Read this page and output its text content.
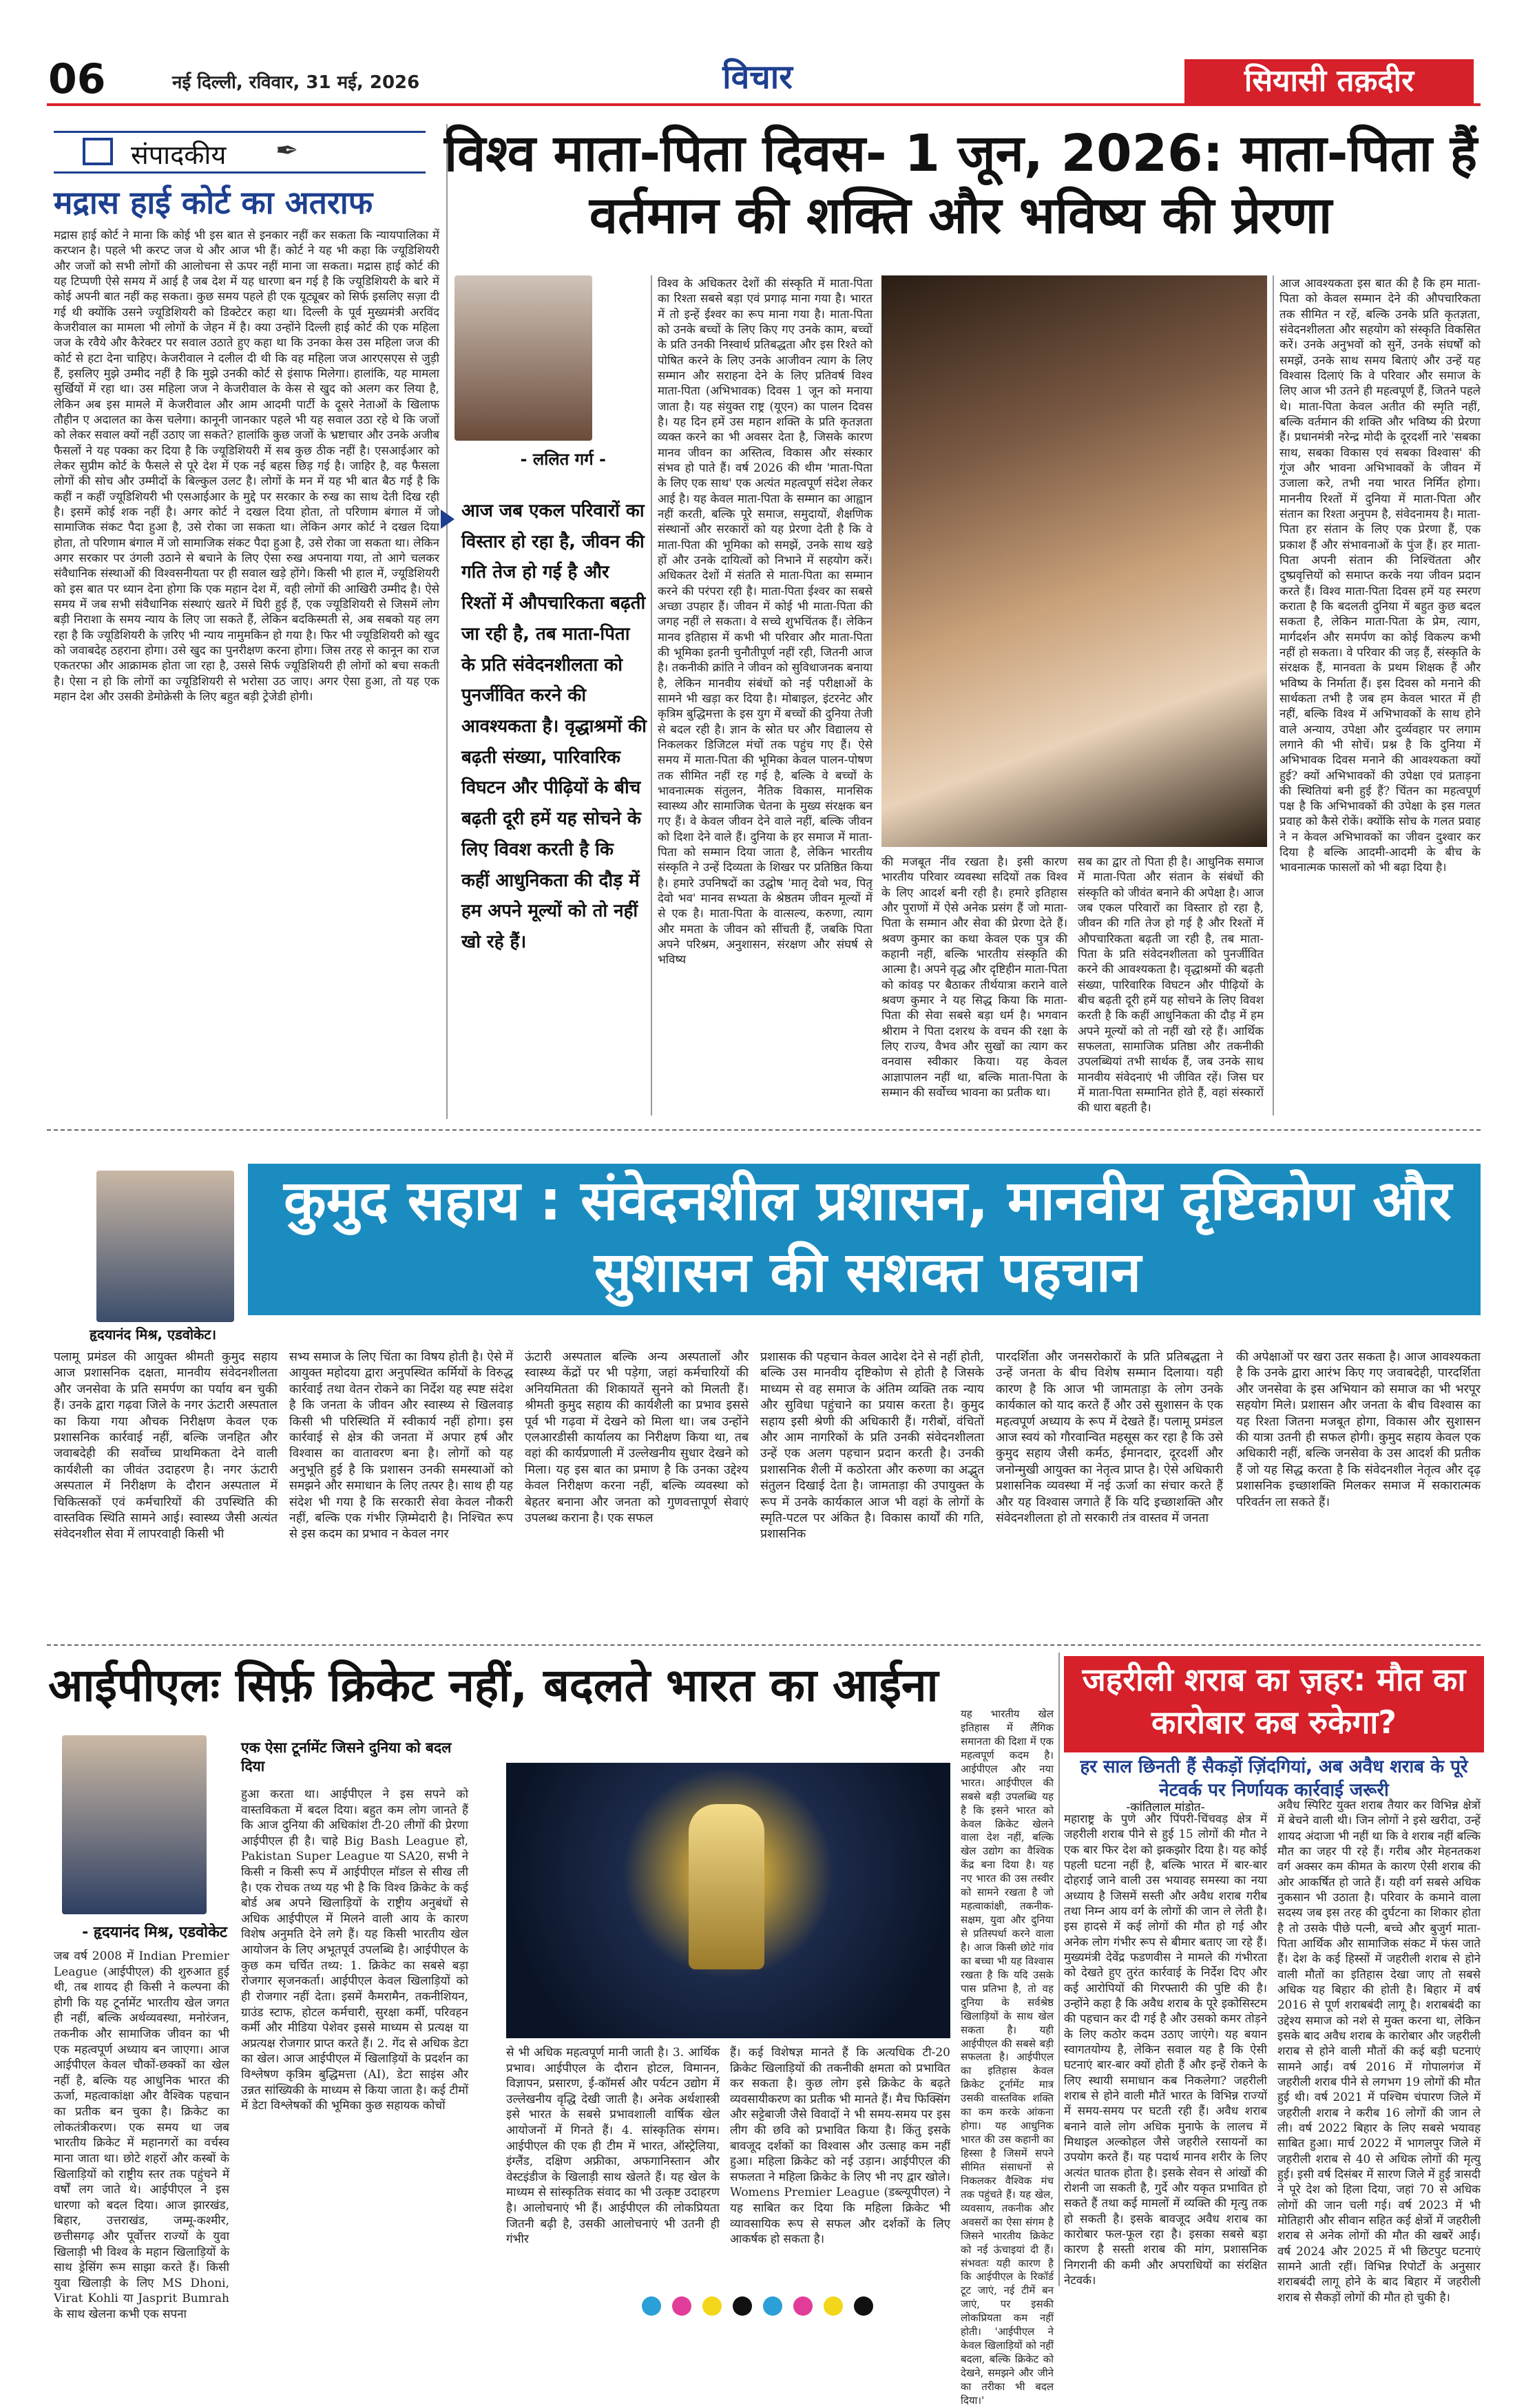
06	नई दिल्ली, रविवार, 31 मई, 2026	विचार	सियासी तक़दीर
संपादकीय ✒
मद्रास हाई कोर्ट का अतराफ
मद्रास हाई कोर्ट ने माना कि कोई भी इस बात से इनकार नहीं कर सकता कि न्यायपालिका में करप्शन है। पहले भी करप्ट जज थे और आज भी हैं। कोर्ट ने यह भी कहा कि ज्यूडिशियरी और जजों को सभी लोगों की आलोचना से ऊपर नहीं माना जा सकता। मद्रास हाई कोर्ट की यह टिप्पणी ऐसे समय में आई है जब देश में यह धारणा बन गई है कि ज्यूडिशियरी के बारे में कोई अपनी बात नहीं कह सकता। कुछ समय पहले ही एक यूट्यूबर को सिर्फ इसलिए सज़ा दी गई थी क्योंकि उसने ज्यूडिशियरी को डिक्टेटर कहा था। दिल्ली के पूर्व मुख्यमंत्री अरविंद केजरीवाल का मामला भी लोगों के जेहन में है। क्या उन्होंने दिल्ली हाई कोर्ट की एक महिला जज के रवैये और कैरेक्टर पर सवाल उठाते हुए कहा था कि उनका केस उस महिला जज की कोर्ट से हटा देना चाहिए। केजरीवाल ने दलील दी थी कि वह महिला जज आरएसएस से जुड़ी हैं, इसलिए मुझे उम्मीद नहीं है कि मुझे उनकी कोर्ट से इंसाफ मिलेगा। हालांकि, यह मामला सुर्खियों में रहा था। उस महिला जज ने केजरीवाल के केस से खुद को अलग कर लिया है, लेकिन अब इस मामले में केजरीवाल और आम आदमी पार्टी के दूसरे नेताओं के खिलाफ तौहीन ए अदालत का केस चलेगा। कानूनी जानकार पहले भी यह सवाल उठा रहे थे कि जजों को लेकर सवाल क्यों नहीं उठाए जा सकते? हालांकि कुछ जजों के भ्रष्टाचार और उनके अजीब फैसलों ने यह पक्का कर दिया है कि ज्यूडिशियरी में सब कुछ ठीक नहीं है। एसआईआर को लेकर सुप्रीम कोर्ट के फैसले से पूरे देश में एक नई बहस छिड़ गई है। जाहिर है, वह फैसला लोगों की सोच और उम्मीदों के बिल्कुल उलट है। लोगों के मन में यह भी बात बैठ गई है कि कहीं न कहीं ज्यूडिशियरी भी एसआईआर के मुद्दे पर सरकार के रुख का साथ देती दिख रही है। इसमें कोई शक नहीं है। अगर कोर्ट ने दखल दिया होता, तो परिणाम बंगाल में जो सामाजिक संकट पैदा हुआ है, उसे रोका जा सकता था। लेकिन अगर कोर्ट ने दखल दिया होता, तो परिणाम बंगाल में जो सामाजिक संकट पैदा हुआ है, उसे रोका जा सकता था। लेकिन अगर सरकार पर उंगली उठाने से बचाने के लिए ऐसा रुख अपनाया गया, तो आगे चलकर संवैधानिक संस्थाओं की विश्वसनीयता पर ही सवाल खड़े होंगे। किसी भी हाल में, ज्यूडिशियरी को इस बात पर ध्यान देना होगा कि एक महान देश में, वही लोगों की आखिरी उम्मीद है। ऐसे समय में जब सभी संवैधानिक संस्थाएं खतरे में घिरी हुई हैं, एक ज्यूडिशियरी से जिसमें लोग बड़ी निराशा के समय न्याय के लिए जा सकते हैं, लेकिन बदकिस्मती से, अब सबको यह लग रहा है कि ज्यूडिशियरी के ज़रिए भी न्याय नामुमकिन हो गया है। फिर भी ज्यूडिशियरी को खुद को जवाबदेह ठहराना होगा। उसे खुद का पुनरीक्षण करना होगा। जिस तरह से कानून का राज एकतरफा और आक्रामक होता जा रहा है, उससे सिर्फ ज्यूडिशियरी ही लोगों को बचा सकती है। ऐसा न हो कि लोगों का ज्यूडिशियरी से भरोसा उठ जाए। अगर ऐसा हुआ, तो यह एक महान देश और उसकी डेमोक्रेसी के लिए बहुत बड़ी ट्रेजेडी होगी।
विश्व माता-पिता दिवस- 1 जून, 2026: माता-पिता हैं वर्तमान की शक्ति और भविष्य की प्रेरणा
- ललित गर्ग -
आज जब एकल परिवारों का विस्तार हो रहा है, जीवन की गति तेज हो गई है और रिश्तों में औपचारिकता बढ़ती जा रही है, तब माता-पिता के प्रति संवेदनशीलता को पुनर्जीवित करने की आवश्यकता है। वृद्धाश्रमों की बढ़ती संख्या, पारिवारिक विघटन और पीढ़ियों के बीच बढ़ती दूरी हमें यह सोचने के लिए विवश करती है कि कहीं आधुनिकता की दौड़ में हम अपने मूल्यों को तो नहीं खो रहे हैं।
विश्व के अधिकतर देशों की संस्कृति में माता-पिता का रिश्ता सबसे बड़ा एवं प्रगाढ़ माना गया है। भारत में तो इन्हें ईश्वर का रूप माना गया है। माता-पिता को उनके बच्चों के लिए किए गए उनके काम, बच्चों के प्रति उनकी निस्वार्थ प्रतिबद्धता और इस रिश्ते को पोषित करने के लिए उनके आजीवन त्याग के लिए सम्मान और सराहना देने के लिए प्रतिवर्ष विश्व माता-पिता (अभिभावक) दिवस 1 जून को मनाया जाता है। यह संयुक्त राष्ट्र (यूएन) का पालन दिवस है। यह दिन हमें उस महान शक्ति के प्रति कृतज्ञता व्यक्त करने का भी अवसर देता है, जिसके कारण मानव जीवन का अस्तित्व, विकास और संस्कार संभव हो पाते हैं। वर्ष 2026 की थीम 'माता-पिता के लिए एक साथ' एक अत्यंत महत्वपूर्ण संदेश लेकर आई है। यह केवल माता-पिता के सम्मान का आह्वान नहीं करती, बल्कि पूरे समाज, समुदायों, शैक्षणिक संस्थानों और सरकारों को यह प्रेरणा देती है कि वे माता-पिता की भूमिका को समझें, उनके साथ खड़े हों और उनके दायित्वों को निभाने में सहयोग करें। अधिकतर देशों में संतति से माता-पिता का सम्मान करने की परंपरा रही है। माता-पिता ईश्वर का सबसे अच्छा उपहार हैं। जीवन में कोई भी माता-पिता की जगह नहीं ले सकता। वे सच्चे शुभचिंतक हैं। लेकिन मानव इतिहास में कभी भी परिवार और माता-पिता की भूमिका इतनी चुनौतीपूर्ण नहीं रही, जितनी आज है। तकनीकी क्रांति ने जीवन को सुविधाजनक बनाया है, लेकिन मानवीय संबंधों को नई परीक्षाओं के सामने भी खड़ा कर दिया है। मोबाइल, इंटरनेट और कृत्रिम बुद्धिमत्ता के इस युग में बच्चों की दुनिया तेजी से बदल रही है। ज्ञान के स्रोत घर और विद्यालय से निकलकर डिजिटल मंचों तक पहुंच गए हैं। ऐसे समय में माता-पिता की भूमिका केवल पालन-पोषण तक सीमित नहीं रह गई है, बल्कि वे बच्चों के भावनात्मक संतुलन, नैतिक विकास, मानसिक स्वास्थ्य और सामाजिक चेतना के मुख्य संरक्षक बन गए हैं। वे केवल जीवन देने वाले नहीं, बल्कि जीवन को दिशा देने वाले हैं। दुनिया के हर समाज में माता-पिता को सम्मान दिया जाता है, लेकिन भारतीय संस्कृति ने उन्हें दिव्यता के शिखर पर प्रतिष्ठित किया है। हमारे उपनिषदों का उद्घोष 'मातृ देवो भव, पितृ देवो भव' मानव सभ्यता के श्रेष्ठतम जीवन मूल्यों में से एक है। माता-पिता के वात्सल्य, करुणा, त्याग और ममता के जीवन को सींचती हैं, जबकि पिता अपने परिश्रम, अनुशासन, संरक्षण और संघर्ष से भविष्य
की मजबूत नींव रखता है। इसी कारण भारतीय परिवार व्यवस्था सदियों तक विश्व के लिए आदर्श बनी रही है। हमारे इतिहास और पुराणों में ऐसे अनेक प्रसंग हैं जो माता-पिता के सम्मान और सेवा की प्रेरणा देते हैं। श्रवण कुमार का कथा केवल एक पुत्र की कहानी नहीं, बल्कि भारतीय संस्कृति की आत्मा है। अपने वृद्ध और दृष्टिहीन माता-पिता को कांवड़ पर बैठाकर तीर्थयात्रा कराने वाले श्रवण कुमार ने यह सिद्ध किया कि माता-पिता की सेवा सबसे बड़ा धर्म है। भगवान श्रीराम ने पिता दशरथ के वचन की रक्षा के लिए राज्य, वैभव और सुखों का त्याग कर वनवास स्वीकार किया। यह केवल आज्ञापालन नहीं था, बल्कि माता-पिता के सम्मान की सर्वोच्च भावना का प्रतीक था।
सब का द्वार तो पिता ही है। आधुनिक समाज में माता-पिता और संतान के संबंधों की संस्कृति को जीवंत बनाने की अपेक्षा है। आज जब एकल परिवारों का विस्तार हो रहा है, जीवन की गति तेज हो गई है और रिश्तों में औपचारिकता बढ़ती जा रही है, तब माता-पिता के प्रति संवेदनशीलता को पुनर्जीवित करने की आवश्यकता है। वृद्धाश्रमों की बढ़ती संख्या, पारिवारिक विघटन और पीढ़ियों के बीच बढ़ती दूरी हमें यह सोचने के लिए विवश करती है कि कहीं आधुनिकता की दौड़ में हम अपने मूल्यों को तो नहीं खो रहे हैं। आर्थिक सफलता, सामाजिक प्रतिष्ठा और तकनीकी उपलब्धियां तभी सार्थक हैं, जब उनके साथ मानवीय संवेदनाएं भी जीवित रहें। जिस घर में माता-पिता सम्मानित होते हैं, वहां संस्कारों की धारा बहती है।
आज आवश्यकता इस बात की है कि हम माता-पिता को केवल सम्मान देने की औपचारिकता तक सीमित न रहें, बल्कि उनके प्रति कृतज्ञता, संवेदनशीलता और सहयोग को संस्कृति विकसित करें। उनके अनुभवों को सुनें, उनके संघर्षों को समझें, उनके साथ समय बिताएं और उन्हें यह विश्वास दिलाएं कि वे परिवार और समाज के लिए आज भी उतने ही महत्वपूर्ण हैं, जितने पहले थे। माता-पिता केवल अतीत की स्मृति नहीं, बल्कि वर्तमान की शक्ति और भविष्य की प्रेरणा हैं। प्रधानमंत्री नरेन्द्र मोदी के दूरदर्शी नारे 'सबका साथ, सबका विकास एवं सबका विश्वास' की गूंज और भावना अभिभावकों के जीवन में उजाला करे, तभी नया भारत निर्मित होगा। माननीय रिश्तों में दुनिया में माता-पिता और संतान का रिश्ता अनुपम है, संवेदनामय है। माता-पिता हर संतान के लिए एक प्रेरणा हैं, एक प्रकाश हैं और संभावनाओं के पुंज हैं। हर माता-पिता अपनी संतान की निश्चिंतता और दुष्प्रवृत्तियों को समाप्त करके नया जीवन प्रदान करते हैं। विश्व माता-पिता दिवस हमें यह स्मरण कराता है कि बदलती दुनिया में बहुत कुछ बदल सकता है, लेकिन माता-पिता के प्रेम, त्याग, मार्गदर्शन और समर्पण का कोई विकल्प कभी नहीं हो सकता। वे परिवार की जड़ हैं, संस्कृति के संरक्षक हैं, मानवता के प्रथम शिक्षक हैं और भविष्य के निर्माता हैं। इस दिवस को मनाने की सार्थकता तभी है जब हम केवल भारत में ही नहीं, बल्कि विश्व में अभिभावकों के साथ होने वाले अन्याय, उपेक्षा और दुर्व्यवहार पर लगाम लगाने की भी सोचें। प्रश्न है कि दुनिया में अभिभावक दिवस मनाने की आवश्यकता क्यों हुई? क्यों अभिभावकों की उपेक्षा एवं प्रताड़ना की स्थितियां बनी हुई हैं? चिंतन का महत्वपूर्ण पक्ष है कि अभिभावकों की उपेक्षा के इस गलत प्रवाह को कैसे रोकें। क्योंकि सोच के गलत प्रवाह ने न केवल अभिभावकों का जीवन दुश्वार कर दिया है बल्कि आदमी-आदमी के बीच के भावनात्मक फासलों को भी बढ़ा दिया है।
हृदयानंद मिश्र, एडवोकेट।
कुमुद सहाय : संवेदनशील प्रशासन, मानवीय दृष्टिकोण और सुशासन की सशक्त पहचान
पलामू प्रमंडल की आयुक्त श्रीमती कुमुद सहाय आज प्रशासनिक दक्षता, मानवीय संवेदनशीलता और जनसेवा के प्रति समर्पण का पर्याय बन चुकी हैं। उनके द्वारा गढ़वा जिले के नगर ऊंटारी अस्पताल का किया गया औचक निरीक्षण केवल एक प्रशासनिक कार्रवाई नहीं, बल्कि जनहित और जवाबदेही की सर्वोच्च प्राथमिकता देने वाली कार्यशैली का जीवंत उदाहरण है। नगर ऊंटारी अस्पताल में निरीक्षण के दौरान अस्पताल में चिकित्सकों एवं कर्मचारियों की उपस्थिति की वास्तविक स्थिति सामने आई। स्वास्थ्य जैसी अत्यंत संवेदनशील सेवा में लापरवाही किसी भी
सभ्य समाज के लिए चिंता का विषय होती है। ऐसे में आयुक्त महोदया द्वारा अनुपस्थित कर्मियों के विरुद्ध कार्रवाई तथा वेतन रोकने का निर्देश यह स्पष्ट संदेश है कि जनता के जीवन और स्वास्थ्य से खिलवाड़ किसी भी परिस्थिति में स्वीकार्य नहीं होगा। इस कार्रवाई से क्षेत्र की जनता में अपार हर्ष और विश्वास का वातावरण बना है। लोगों को यह अनुभूति हुई है कि प्रशासन उनकी समस्याओं को समझने और समाधान के लिए तत्पर है। साथ ही यह संदेश भी गया है कि सरकारी सेवा केवल नौकरी नहीं, बल्कि एक गंभीर ज़िम्मेदारी है। निश्चित रूप से इस कदम का प्रभाव न केवल नगर
ऊंटारी अस्पताल बल्कि अन्य अस्पतालों और स्वास्थ्य केंद्रों पर भी पड़ेगा, जहां कर्मचारियों की अनियमितता की शिकायतें सुनने को मिलती हैं। श्रीमती कुमुद सहाय की कार्यशैली का प्रभाव इससे पूर्व भी गढ़वा में देखने को मिला था। जब उन्होंने एलआरडीसी कार्यालय का निरीक्षण किया था, तब वहां की कार्यप्रणाली में उल्लेखनीय सुधार देखने को मिला। यह इस बात का प्रमाण है कि उनका उद्देश्य केवल निरीक्षण करना नहीं, बल्कि व्यवस्था को बेहतर बनाना और जनता को गुणवत्तापूर्ण सेवाएं उपलब्ध कराना है। एक सफल
प्रशासक की पहचान केवल आदेश देने से नहीं होती, बल्कि उस मानवीय दृष्टिकोण से होती है जिसके माध्यम से वह समाज के अंतिम व्यक्ति तक न्याय और सुविधा पहुंचाने का प्रयास करता है। कुमुद सहाय इसी श्रेणी की अधिकारी हैं। गरीबों, वंचितों और आम नागरिकों के प्रति उनकी संवेदनशीलता उन्हें एक अलग पहचान प्रदान करती है। उनकी प्रशासनिक शैली में कठोरता और करुणा का अद्भुत संतुलन दिखाई देता है। जामताड़ा की उपायुक्त के रूप में उनके कार्यकाल आज भी वहां के लोगों के स्मृति-पटल पर अंकित है। विकास कार्यों की गति, प्रशासनिक
पारदर्शिता और जनसरोकारों के प्रति प्रतिबद्धता ने उन्हें जनता के बीच विशेष सम्मान दिलाया। यही कारण है कि आज भी जामताड़ा के लोग उनके कार्यकाल को याद करते हैं और उसे सुशासन के एक महत्वपूर्ण अध्याय के रूप में देखते हैं। पलामू प्रमंडल आज स्वयं को गौरवान्वित महसूस कर रहा है कि उसे कुमुद सहाय जैसी कर्मठ, ईमानदार, दूरदर्शी और जनोन्मुखी आयुक्त का नेतृत्व प्राप्त है। ऐसे अधिकारी प्रशासनिक व्यवस्था में नई ऊर्जा का संचार करते हैं और यह विश्वास जगाते हैं कि यदि इच्छाशक्ति और संवेदनशीलता हो तो सरकारी तंत्र वास्तव में जनता
की अपेक्षाओं पर खरा उतर सकता है। आज आवश्यकता है कि उनके द्वारा आरंभ किए गए जवाबदेही, पारदर्शिता और जनसेवा के इस अभियान को समाज का भी भरपूर सहयोग मिले। प्रशासन और जनता के बीच विश्वास का यह रिश्ता जितना मजबूत होगा, विकास और सुशासन की यात्रा उतनी ही सफल होगी। कुमुद सहाय केवल एक अधिकारी नहीं, बल्कि जनसेवा के उस आदर्श की प्रतीक हैं जो यह सिद्ध करता है कि संवेदनशील नेतृत्व और दृढ़ प्रशासनिक इच्छाशक्ति मिलकर समाज में सकारात्मक परिवर्तन ला सकते हैं।
आईपीएलः सिर्फ़ क्रिकेट नहीं, बदलते भारत का आईना
- हृदयानंद मिश्र, एडवोकेट
जब वर्ष 2008 में Indian Premier League (आईपीएल) की शुरुआत हुई थी, तब शायद ही किसी ने कल्पना की होगी कि यह टूर्नामेंट भारतीय खेल जगत ही नहीं, बल्कि अर्थव्यवस्था, मनोरंजन, तकनीक और सामाजिक जीवन का भी एक महत्वपूर्ण अध्याय बन जाएगा। आज आईपीएल केवल चौकों-छक्कों का खेल नहीं है, बल्कि यह आधुनिक भारत की ऊर्जा, महत्वाकांक्षा और वैश्विक पहचान का प्रतीक बन चुका है। क्रिकेट का लोकतंत्रीकरण। एक समय था जब भारतीय क्रिकेट में महानगरों का वर्चस्व माना जाता था। छोटे शहरों और कस्बों के खिलाड़ियों को राष्ट्रीय स्तर तक पहुंचने में वर्षों लग जाते थे। आईपीएल ने इस धारणा को बदल दिया। आज झारखंड, बिहार, उत्तराखंड, जम्मू-कश्मीर, छत्तीसगढ़ और पूर्वोत्तर राज्यों के युवा खिलाड़ी भी विश्व के महान खिलाड़ियों के साथ ड्रेसिंग रूम साझा करते हैं। किसी युवा खिलाड़ी के लिए MS Dhoni, Virat Kohli या Jasprit Bumrah के साथ खेलना कभी एक सपना
एक ऐसा टूर्नामेंट जिसने दुनिया को बदल दिया
हुआ करता था। आईपीएल ने इस सपने को वास्तविकता में बदल दिया। बहुत कम लोग जानते हैं कि आज दुनिया की अधिकांश टी-20 लीगों की प्रेरणा आईपीएल ही है। चाहे Big Bash League हो, Pakistan Super League या SA20, सभी ने किसी न किसी रूप में आईपीएल मॉडल से सीख ली है। एक रोचक तथ्य यह भी है कि विश्व क्रिकेट के कई बोर्ड अब अपने खिलाड़ियों के राष्ट्रीय अनुबंधों से अधिक आईपीएल में मिलने वाली आय के कारण विशेष अनुमति देने लगे हैं। यह किसी भारतीय खेल आयोजन के लिए अभूतपूर्व उपलब्धि है। आईपीएल के कुछ कम चर्चित तथ्य: 1. क्रिकेट का सबसे बड़ा रोजगार सृजनकर्ता। आईपीएल केवल खिलाड़ियों को ही रोजगार नहीं देता। इसमें कैमरामैन, तकनीशियन, ग्राउंड स्टाफ, होटल कर्मचारी, सुरक्षा कर्मी, परिवहन कर्मी और मीडिया पेशेवर इससे माध्यम से प्रत्यक्ष या अप्रत्यक्ष रोजगार प्राप्त करते हैं। 2. गेंद से अधिक डेटा का खेल। आज आईपीएल में खिलाड़ियों के प्रदर्शन का विश्लेषण कृत्रिम बुद्धिमत्ता (AI), डेटा साइंस और उन्नत सांख्यिकी के माध्यम से किया जाता है। कई टीमों में डेटा विश्लेषकों की भूमिका कुछ सहायक कोचों
से भी अधिक महत्वपूर्ण मानी जाती है। 3. आर्थिक प्रभाव। आईपीएल के दौरान होटल, विमानन, विज्ञापन, प्रसारण, ई-कॉमर्स और पर्यटन उद्योग में उल्लेखनीय वृद्धि देखी जाती है। अनेक अर्थशास्त्री इसे भारत के सबसे प्रभावशाली वार्षिक खेल आयोजनों में गिनते हैं। 4. सांस्कृतिक संगम। आईपीएल की एक ही टीम में भारत, ऑस्ट्रेलिया, इंग्लैंड, दक्षिण अफ्रीका, अफगानिस्तान और वेस्टइंडीज के खिलाड़ी साथ खेलते हैं। यह खेल के माध्यम से सांस्कृतिक संवाद का भी उत्कृष्ट उदाहरण है। आलोचनाएं भी हैं। आईपीएल की लोकप्रियता जितनी बढ़ी है, उसकी आलोचनाएं भी उतनी ही गंभीर
हैं। कई विशेषज्ञ मानते हैं कि अत्यधिक टी-20 क्रिकेट खिलाड़ियों की तकनीकी क्षमता को प्रभावित कर सकता है। कुछ लोग इसे क्रिकेट के बढ़ते व्यवसायीकरण का प्रतीक भी मानते हैं। मैच फिक्सिंग और सट्टेबाजी जैसे विवादों ने भी समय-समय पर इस लीग की छवि को प्रभावित किया है। किंतु इसके बावजूद दर्शकों का विश्वास और उत्साह कम नहीं हुआ। महिला क्रिकेट को नई उड़ान। आईपीएल की सफलता ने महिला क्रिकेट के लिए भी नए द्वार खोले। Womens Premier League (डब्ल्यूपीएल) ने यह साबित कर दिया कि महिला क्रिकेट भी व्यावसायिक रूप से सफल और दर्शकों के लिए आकर्षक हो सकता है।
यह भारतीय खेल इतिहास में लैंगिक समानता की दिशा में एक महत्वपूर्ण कदम है। आईपीएल और नया भारत। आईपीएल की सबसे बड़ी उपलब्धि यह है कि इसने भारत को केवल क्रिकेट खेलने वाला देश नहीं, बल्कि खेल उद्योग का वैश्विक केंद्र बना दिया है। यह नए भारत की उस तस्वीर को सामने रखता है जो महत्वाकांक्षी, तकनीक-सक्षम, युवा और दुनिया से प्रतिस्पर्धा करने वाला है। आज किसी छोटे गांव का बच्चा भी यह विश्वास रखता है कि यदि उसके पास प्रतिभा है, तो वह दुनिया के सर्वश्रेष्ठ खिलाड़ियों के साथ खेल सकता है। यही आईपीएल की सबसे बड़ी सफलता है। आईपीएल का इतिहास केवल क्रिकेट टूर्नामेंट मात्र उसकी वास्तविक शक्ति का कम करके आंकना होगा। यह आधुनिक भारत की उस कहानी का हिस्सा है जिसमें सपने सीमित संसाधनों से निकलकर वैश्विक मंच तक पहुंचते हैं। यह खेल, व्यवसाय, तकनीक और अवसरों का ऐसा संगम है जिसने भारतीय क्रिकेट को नई ऊंचाइयां दी हैं। संभवतः यही कारण है कि आईपीएल के रिकॉर्ड टूट जाएं, नई टीमें बन जाएं, पर इसकी लोकप्रियता कम नहीं होती। 'आईपीएल ने केवल खिलाड़ियों को नहीं बदला, बल्कि क्रिकेट को देखने, समझने और जीने का तरीका भी बदल दिया।'
जहरीली शराब का ज़हर: मौत का कारोबार कब रुकेगा?
हर साल छिनती हैं सैकड़ों ज़िंदगियां, अब अवैध शराब के पूरे नेटवर्क पर निर्णायक कार्रवाई जरूरी
-कांतिलाल मांडोत-
महाराष्ट्र के पुणे और पिंपरी-चिंचवड़ क्षेत्र में जहरीली शराब पीने से हुई 15 लोगों की मौत ने एक बार फिर देश को झकझोर दिया है। यह कोई पहली घटना नहीं है, बल्कि भारत में बार-बार दोहराई जाने वाली उस भयावह समस्या का नया अध्याय है जिसमें सस्ती और अवैध शराब गरीब तथा निम्न आय वर्ग के लोगों की जान ले लेती है। इस हादसे में कई लोगों की मौत हो गई और अनेक लोग गंभीर रूप से बीमार बताए जा रहे हैं। मुख्यमंत्री देवेंद्र फडणवीस ने मामले की गंभीरता को देखते हुए तुरंत कार्रवाई के निर्देश दिए और कई आरोपियों की गिरफ्तारी की पुष्टि की है। उन्होंने कहा है कि अवैध शराब के पूरे इकोसिस्टम की पहचान कर दी गई है और उसको कमर तोड़ने के लिए कठोर कदम उठाए जाएंगे। यह बयान स्वागतयोग्य है, लेकिन सवाल यह है कि ऐसी घटनाएं बार-बार क्यों होती हैं और इन्हें रोकने के लिए स्थायी समाधान कब निकलेगा? जहरीली शराब से होने वाली मौतें भारत के विभिन्न राज्यों में समय-समय पर घटती रही हैं। अवैध शराब बनाने वाले लोग अधिक मुनाफे के लालच में मिथाइल अल्कोहल जैसे जहरीले रसायनों का उपयोग करते हैं। यह पदार्थ मानव शरीर के लिए अत्यंत घातक होता है। इसके सेवन से आंखों की रोशनी जा सकती है, गुर्दे और यकृत प्रभावित हो सकते हैं तथा कई मामलों में व्यक्ति की मृत्यु तक हो सकती है। इसके बावजूद अवैध शराब का कारोबार फल-फूल रहा है। इसका सबसे बड़ा कारण है सस्ती शराब की मांग, प्रशासनिक निगरानी की कमी और अपराधियों का संरक्षित नेटवर्क।
अवैध स्पिरिट युक्त शराब तैयार कर विभिन्न क्षेत्रों में बेचने वाली थी। जिन लोगों ने इसे खरीदा, उन्हें शायद अंदाजा भी नहीं था कि वे शराब नहीं बल्कि मौत का जहर पी रहे हैं। गरीब और मेहनतकश वर्ग अक्सर कम कीमत के कारण ऐसी शराब की ओर आकर्षित हो जाते हैं। यही वर्ग सबसे अधिक नुकसान भी उठाता है। परिवार के कमाने वाला सदस्य जब इस तरह की दुर्घटना का शिकार होता है तो उसके पीछे पत्नी, बच्चे और बुजुर्ग माता-पिता आर्थिक और सामाजिक संकट में फंस जाते हैं। देश के कई हिस्सों में जहरीली शराब से होने वाली मौतों का इतिहास देखा जाए तो सबसे अधिक यह बिहार की होती है। बिहार में वर्ष 2016 से पूर्ण शराबबंदी लागू है। शराबबंदी का उद्देश्य समाज को नशे से मुक्त करना था, लेकिन इसके बाद अवैध शराब के कारोबार और जहरीली शराब से होने वाली मौतों की कई बड़ी घटनाएं सामने आईं। वर्ष 2016 में गोपालगंज में जहरीली शराब पीने से लगभग 19 लोगों की मौत हुई थी। वर्ष 2021 में पश्चिम चंपारण जिले में जहरीली शराब ने करीब 16 लोगों की जान ले ली। वर्ष 2022 बिहार के लिए सबसे भयावह साबित हुआ। मार्च 2022 में भागलपुर जिले में जहरीली शराब से 40 से अधिक लोगों की मृत्यु हुई। इसी वर्ष दिसंबर में सारण जिले में हुई त्रासदी ने पूरे देश को हिला दिया, जहां 70 से अधिक लोगों की जान चली गई। वर्ष 2023 में भी मोतिहारी और सीवान सहित कई क्षेत्रों में जहरीली शराब से अनेक लोगों की मौत की खबरें आईं। वर्ष 2024 और 2025 में भी छिटपुट घटनाएं सामने आती रहीं। विभिन्न रिपोर्टों के अनुसार शराबबंदी लागू होने के बाद बिहार में जहरीली शराब से सैकड़ों लोगों की मौत हो चुकी है।
